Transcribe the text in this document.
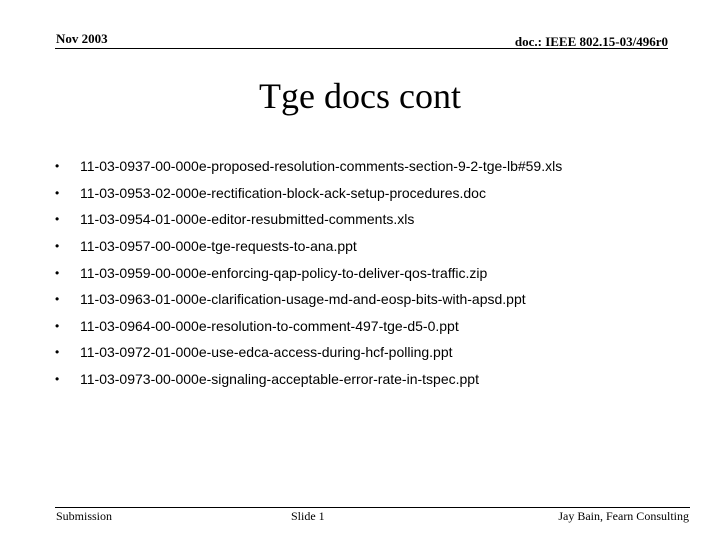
Nov 2003	doc.: IEEE 802.15-03/496r0
Tge docs cont
•	11-03-0937-00-000e-proposed-resolution-comments-section-9-2-tge-lb#59.xls
•	11-03-0953-02-000e-rectification-block-ack-setup-procedures.doc
•	11-03-0954-01-000e-editor-resubmitted-comments.xls
•	11-03-0957-00-000e-tge-requests-to-ana.ppt
•	11-03-0959-00-000e-enforcing-qap-policy-to-deliver-qos-traffic.zip
•	11-03-0963-01-000e-clarification-usage-md-and-eosp-bits-with-apsd.ppt
•	11-03-0964-00-000e-resolution-to-comment-497-tge-d5-0.ppt
•	11-03-0972-01-000e-use-edca-access-during-hcf-polling.ppt
•	11-03-0973-00-000e-signaling-acceptable-error-rate-in-tspec.ppt
Submission	Slide 1	Jay Bain, Fearn Consulting
